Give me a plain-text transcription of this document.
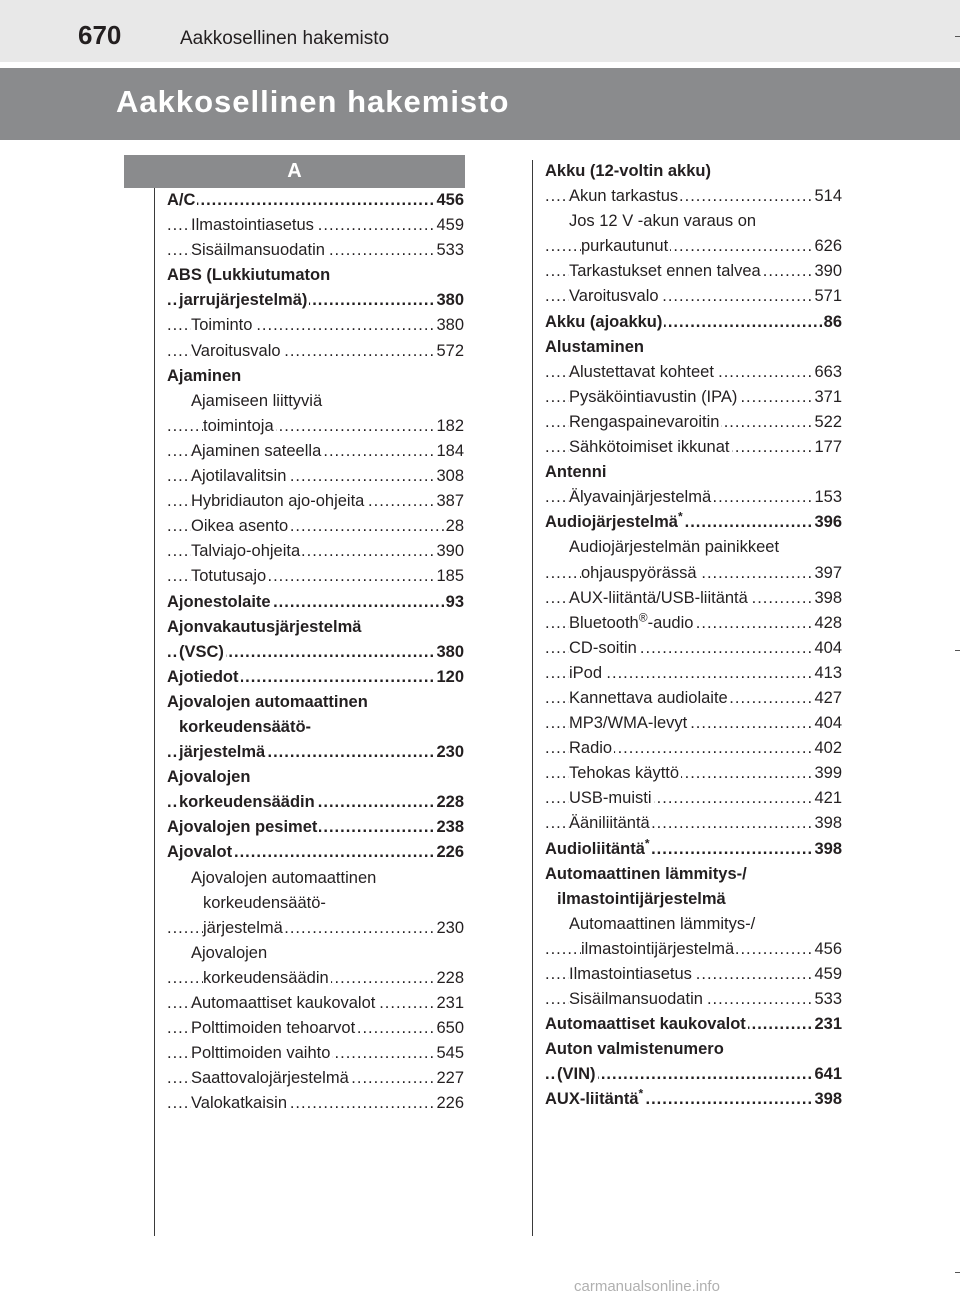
670	Aakkosellinen hakemisto
Aakkosellinen hakemisto
A
A/C	456
.....
Ilmastointiasetus	459
.....
Sisäilmansuodatin	533
.....
ABS (Lukkiutumaton
jarrujärjestelmä)	380
.....
Toiminto	380
.....
Varoitusvalo	572
.....
Ajaminen
Ajamiseen liittyviä
toimintoja	182
.....
Ajaminen sateella	184
.....
Ajotilavalitsin	308
.....
Hybridiauton ajo-ohjeita	387
.....
Oikea asento	28
.....
Talviajo-ohjeita	390
.....
Totutusajo	185
.....
Ajonestolaite	93
.....
Ajonvakautusjärjestelmä
(VSC)	380
.....
Ajotiedot	120
.....
Ajovalojen automaattinen
korkeudensäätö-
järjestelmä	230
.....
Ajovalojen
korkeudensäädin	228
.....
Ajovalojen pesimet	238
.....
Ajovalot	226
.....
Ajovalojen automaattinen
korkeudensäätö-
järjestelmä	230
.....
Ajovalojen
korkeudensäädin	228
.....
Automaattiset kaukovalot	231
.....
Polttimoiden tehoarvot	650
.....
Polttimoiden vaihto	545
.....
Saattovalojärjestelmä	227
.....
Valokatkaisin	226
.....
Akku (12-voltin akku)
Akun tarkastus	514
.....
Jos 12 V -akun varaus on
purkautunut	626
.....
Tarkastukset ennen talvea	390
.....
Varoitusvalo	571
.....
Akku (ajoakku)	86
.....
Alustaminen
Alustettavat kohteet	663
.....
Pysäköintiavustin (IPA)	371
.....
Rengaspainevaroitin	522
.....
Sähkötoimiset ikkunat	177
.....
Antenni
Älyavainjärjestelmä	153
.....
Audiojärjestelmä*	396
.....
Audiojärjestelmän painikkeet
ohjauspyörässä	397
.....
AUX-liitäntä/USB-liitäntä	398
.....
Bluetooth®-audio	428
.....
CD-soitin	404
.....
iPod	413
.....
Kannettava audiolaite	427
.....
MP3/WMA-levyt	404
.....
Radio	402
.....
Tehokas käyttö	399
.....
USB-muisti	421
.....
Ääniliitäntä	398
.....
Audioliitäntä*	398
.....
Automaattinen lämmitys-/
ilmastointijärjestelmä
Automaattinen lämmitys-/
ilmastointijärjestelmä	456
.....
Ilmastointiasetus	459
.....
Sisäilmansuodatin	533
.....
Automaattiset kaukovalot	231
.....
Auton valmistenumero
(VIN)	641
.....
AUX-liitäntä*	398
.....
carmanualsonline.info
